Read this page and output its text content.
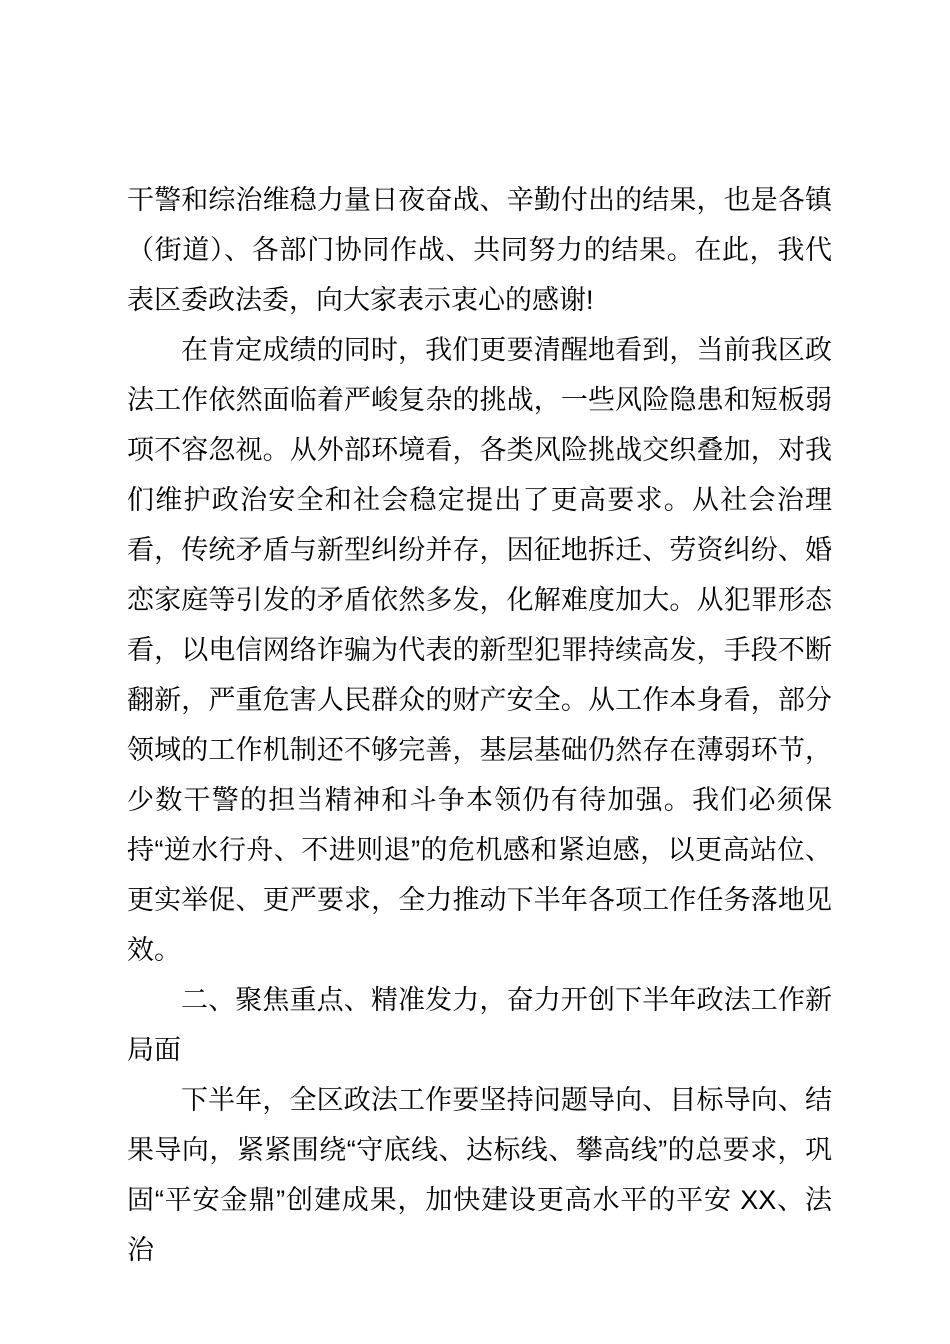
干警和综治维稳力量日夜奋战、辛勤付出的结果，也是各镇（街道）、各部门协同作战、共同努力的结果。在此，我代表区委政法委，向大家表示衷心的感谢!

在肯定成绩的同时，我们更要清醒地看到，当前我区政法工作依然面临着严峻复杂的挑战，一些风险隐患和短板弱项不容忽视。从外部环境看，各类风险挑战交织叠加，对我们维护政治安全和社会稳定提出了更高要求。从社会治理看，传统矛盾与新型纠纷并存，因征地拆迁、劳资纠纷、婚恋家庭等引发的矛盾依然多发，化解难度加大。从犯罪形态看，以电信网络诈骗为代表的新型犯罪持续高发，手段不断翻新，严重危害人民群众的财产安全。从工作本身看，部分领域的工作机制还不够完善，基层基础仍然存在薄弱环节，少数干警的担当精神和斗争本领仍有待加强。我们必须保持“逆水行舟、不进则退”的危机感和紧迫感，以更高站位、更实举促、更严要求，全力推动下半年各项工作任务落地见效。

二、聚焦重点、精准发力，奋力开创下半年政法工作新局面

下半年，全区政法工作要坚持问题导向、目标导向、结果导向，紧紧围绕“守底线、达标线、攀高线”的总要求，巩固“平安金鼎”创建成果，加快建设更高水平的平安 XX、法治
